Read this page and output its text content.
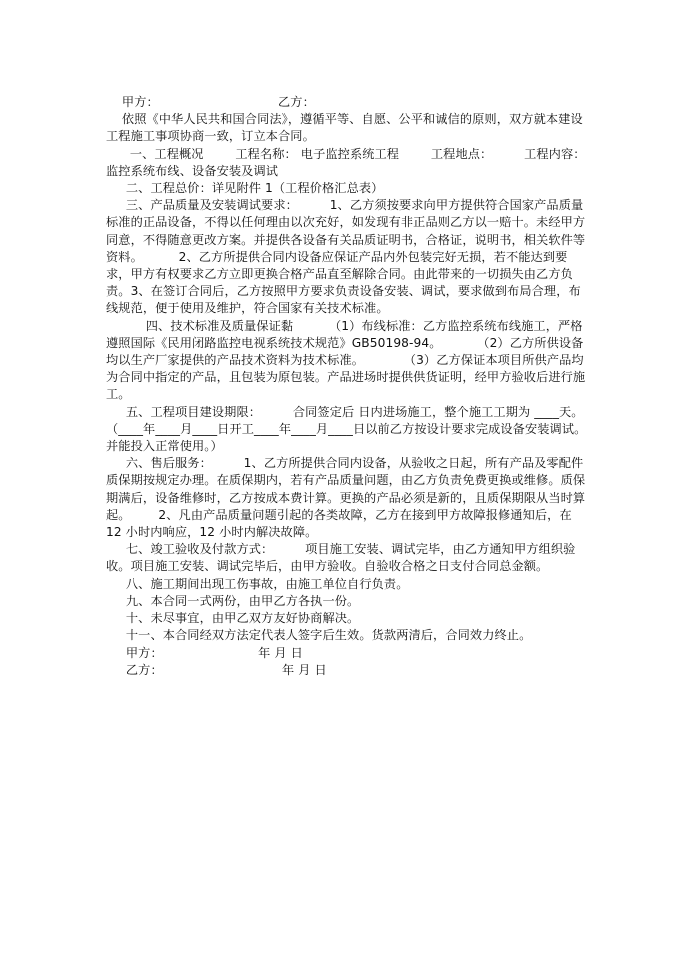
甲方：                              乙方：

依照《中华人民共和国合同法》，遵循平等、自愿、公平和诚信的原则，双方就本建设工程施工事项协商一致，订立本合同。

一、工程概况        工程名称： 电子监控系统工程        工程地点：        工程内容：监控系统布线、设备安装及调试

二、工程总价：详见附件 1（工程价格汇总表）

三、产品质量及安装调试要求：        1、乙方须按要求向甲方提供符合国家产品质量标准的正品设备，不得以任何理由以次充好，如发现有非正品则乙方以一赔十。未经甲方同意，不得随意更改方案。并提供各设备有关品质证明书，合格证，说明书，相关软件等资料。         2、乙方所提供合同内设备应保证产品内外包装完好无损，若不能达到要求，甲方有权要求乙方立即更换合格产品直至解除合同。由此带来的一切损失由乙方负责。3、在签订合同后，乙方按照甲方要求负责设备安装、调试，要求做到布局合理，布线规范，便于使用及维护，符合国家有关技术标准。

四、技术标准及质量保证黏         （1）布线标准：乙方监控系统布线施工，严格遵照国际《民用闭路监控电视系统技术规范》GB50198-94。         （2）乙方所供设备均以生产厂家提供的产品技术资料为技术标准。          （3）乙方保证本项目所供产品均为合同中指定的产品，且包装为原包装。产品进场时提供供货证明，经甲方验收后进行施工。

五、工程项目建设期限：        合同签定后 日内进场施工，整个施工工期为 ____天。（____年____月____日开工____年____月____日以前乙方按设计要求完成设备安装调试。并能投入正常使用。）

六、售后服务：        1、乙方所提供合同内设备，从验收之日起，所有产品及零配件质保期按规定办理。在质保期内，若有产品质量问题，由乙方负责免费更换或维修。质保期满后，设备维修时，乙方按成本费计算。更换的产品必须是新的，且质保期限从当时算起。       2、凡由产品质量问题引起的各类故障，乙方在接到甲方故障报修通知后，在 12 小时内响应，12 小时内解决故障。

七、竣工验收及付款方式：        项目施工安装、调试完毕，由乙方通知甲方组织验收。项目施工安装、调试完毕后，由甲方验收。自验收合格之日支付合同总金额。

八、施工期间出现工伤事故，由施工单位自行负责。

九、本合同一式两份，由甲乙方各执一份。

十、未尽事宜，由甲乙双方友好协商解决。

十一、本合同经双方法定代表人签字后生效。货款两清后，合同效力终止。

甲方：                        年 月 日

乙方：                              年 月 日
